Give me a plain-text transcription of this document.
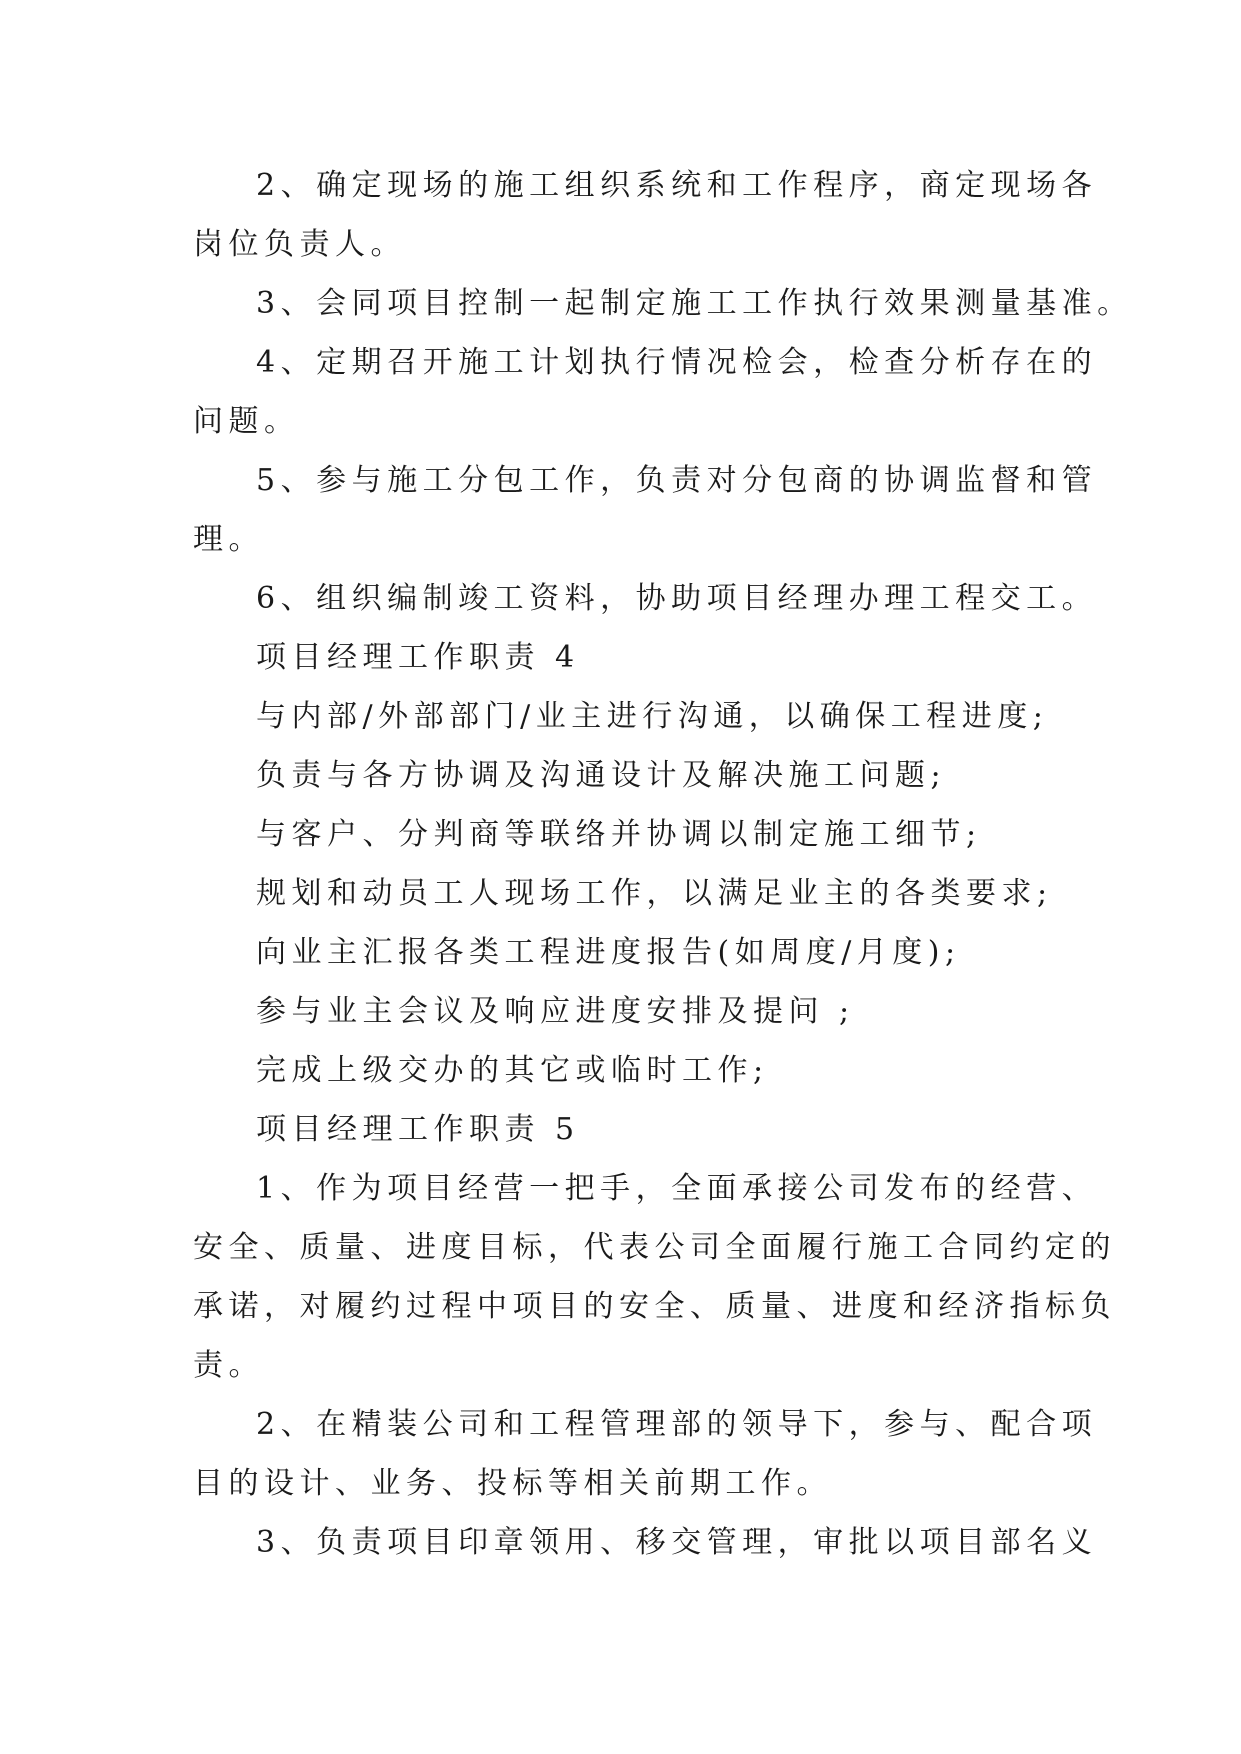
2、确定现场的施工组织系统和工作程序，商定现场各
岗位负责人。
3、会同项目控制一起制定施工工作执行效果测量基准。
4、定期召开施工计划执行情况检会，检查分析存在的
问题。
5、参与施工分包工作，负责对分包商的协调监督和管
理。
6、组织编制竣工资料，协助项目经理办理工程交工。
项目经理工作职责 4
与内部/外部部门/业主进行沟通，以确保工程进度;
负责与各方协调及沟通设计及解决施工问题;
与客户、分判商等联络并协调以制定施工细节;
规划和动员工人现场工作，以满足业主的各类要求;
向业主汇报各类工程进度报告(如周度/月度);
参与业主会议及响应进度安排及提问 ;
完成上级交办的其它或临时工作;
项目经理工作职责 5
1、作为项目经营一把手，全面承接公司发布的经营、
安全、质量、进度目标，代表公司全面履行施工合同约定的
承诺，对履约过程中项目的安全、质量、进度和经济指标负
责。
2、在精装公司和工程管理部的领导下，参与、配合项
目的设计、业务、投标等相关前期工作。
3、负责项目印章领用、移交管理，审批以项目部名义
